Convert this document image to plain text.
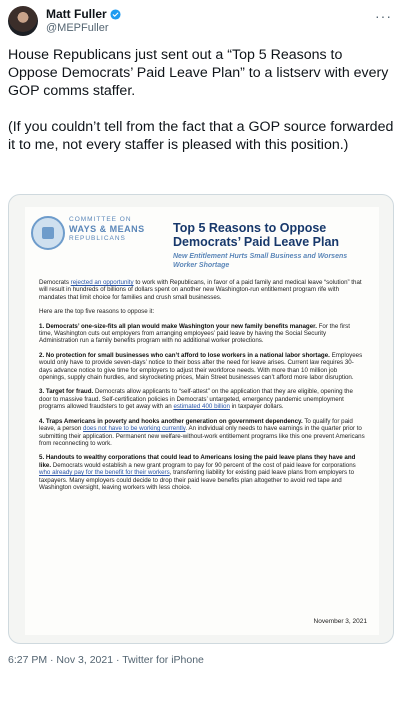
Matt Fuller
@MEPFuller
···

House Republicans just sent out a “Top 5 Reasons to Oppose Democrats’ Paid Leave Plan” to a listserv with every GOP comms staffer.

(If you couldn’t tell from the fact that a GOP source forwarded it to me, not every staffer is pleased with this position.)

COMMITTEE ON
WAYS & MEANS
REPUBLICANS
Top 5 Reasons to Oppose Democrats’ Paid Leave Plan
New Entitlement Hurts Small Business and Worsens Worker Shortage

Democrats rejected an opportunity to work with Republicans, in favor of a paid family and medical leave “solution” that will result in hundreds of billions of dollars spent on another new Washington-run entitlement program rife with mandates that limit choice for families and crush small businesses.

Here are the top five reasons to oppose it:

1. Democrats’ one-size-fits all plan would make Washington your new family benefits manager. For the first time, Washington cuts out employers from arranging employees’ paid leave by having the Social Security Administration run a family benefits program with no additional worker protections.

2. No protection for small businesses who can’t afford to lose workers in a national labor shortage. Employees would only have to provide seven-days’ notice to their boss after the need for leave arises. Current law requires 30-days advance notice to give time for employers to adjust their workforce needs. With more than 10 million job openings, supply chain hurdles, and skyrocketing prices, Main Street businesses can’t afford more labor disruption.

3. Target for fraud. Democrats allow applicants to “self-attest” on the application that they are eligible, opening the door to massive fraud. Self-certification policies in Democrats’ untargeted, emergency pandemic unemployment programs allowed fraudsters to get away with an estimated 400 billion in taxpayer dollars.

4. Traps Americans in poverty and hooks another generation on government dependency. To qualify for paid leave, a person does not have to be working currently. An individual only needs to have earnings in the quarter prior to submitting their application. Permanent new welfare-without-work entitlement programs like this one prevent Americans from reconnecting to work.

5. Handouts to wealthy corporations that could lead to Americans losing the paid leave plans they have and like. Democrats would establish a new grant program to pay for 90 percent of the cost of paid leave for corporations who already pay for the benefit for their workers, transferring liability for existing paid leave plans from employers to taxpayers. Many employers could decide to drop their paid leave benefits plan altogether to avoid red tape and Washington oversight, leaving workers with less choice.

November 3, 2021
6:27 PM · Nov 3, 2021 · Twitter for iPhone
